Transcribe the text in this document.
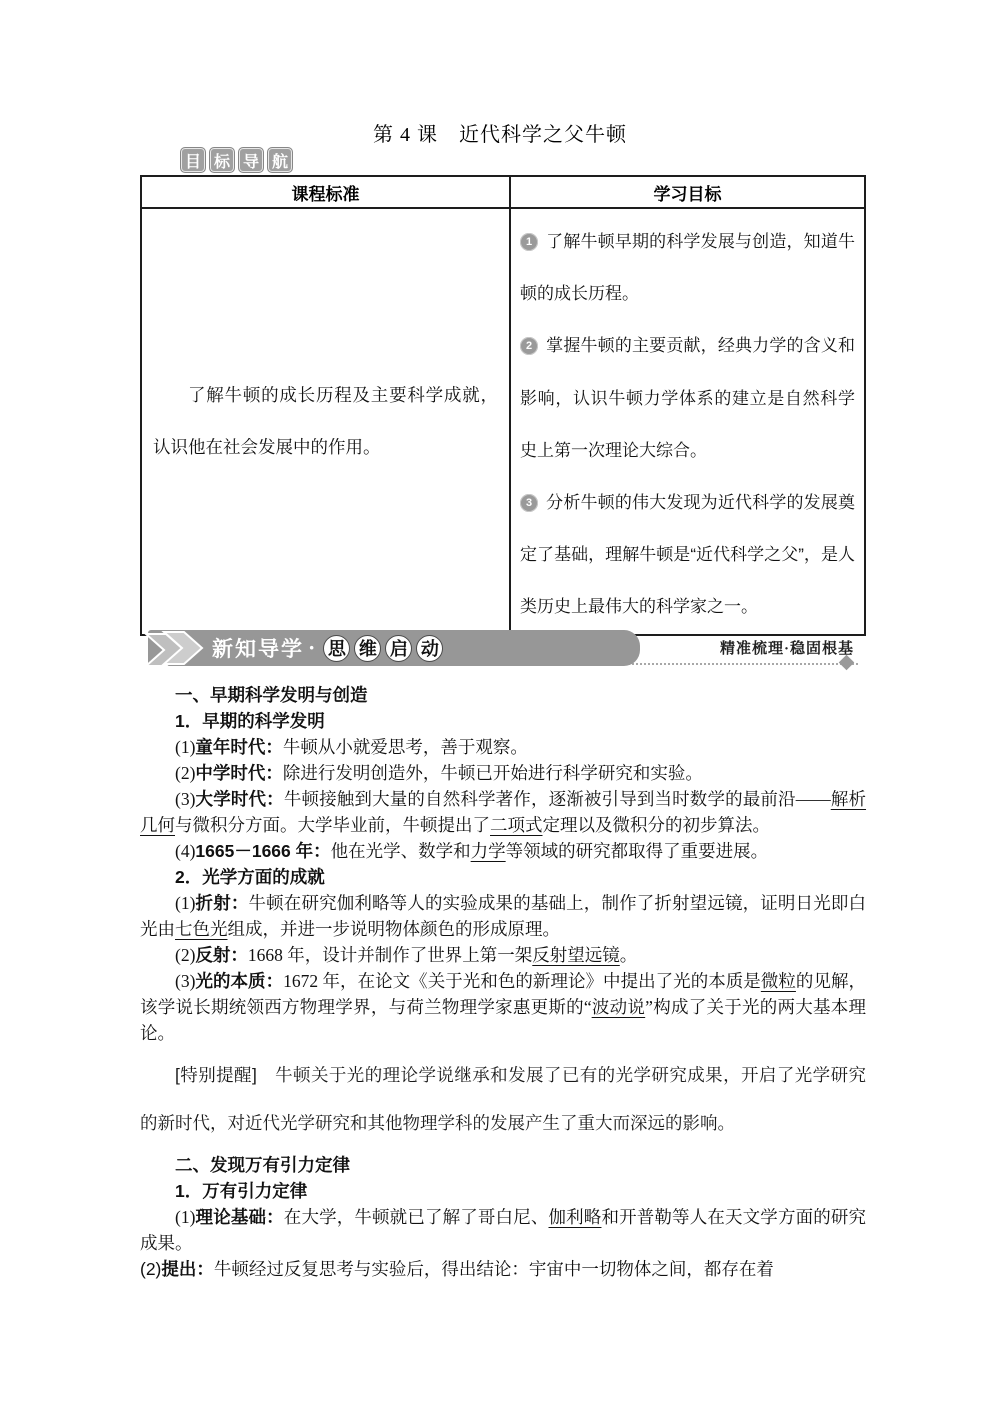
第 4 课　近代科学之父牛顿
目 标 导 航
课程标准	学习目标

了解牛顿的成长历程及主要科学成就，认识他在社会发展中的作用。	1 了解牛顿早期的科学发展与创造，知道牛顿的成长历程。
2 掌握牛顿的主要贡献，经典力学的含义和影响，认识牛顿力学体系的建立是自然科学史上第一次理论大综合。
3 分析牛顿的伟大发现为近代科学的发展奠定了基础，理解牛顿是“近代科学之父”，是人类历史上最伟大的科学家之一。
精准梳理·稳固根基
新知导学 · 思 维 启 动
一、早期科学发明与创造
1．早期的科学发明
(1)童年时代：牛顿从小就爱思考，善于观察。
(2)中学时代：除进行发明创造外，牛顿已开始进行科学研究和实验。
(3)大学时代：牛顿接触到大量的自然科学著作，逐渐被引导到当时数学的最前沿——解析几何与微积分方面。大学毕业前，牛顿提出了二项式定理以及微积分的初步算法。
(4)1665－1666 年：他在光学、数学和力学等领域的研究都取得了重要进展。
2．光学方面的成就
(1)折射：牛顿在研究伽利略等人的实验成果的基础上，制作了折射望远镜，证明日光即白光由七色光组成，并进一步说明物体颜色的形成原理。
(2)反射：1668 年，设计并制作了世界上第一架反射望远镜。
(3)光的本质：1672 年，在论文《关于光和色的新理论》中提出了光的本质是微粒的见解，该学说长期统领西方物理学界，与荷兰物理学家惠更斯的“波动说”构成了关于光的两大基本理论。
[特别提醒]　牛顿关于光的理论学说继承和发展了已有的光学研究成果，开启了光学研究的新时代，对近代光学研究和其他物理学科的发展产生了重大而深远的影响。
二、发现万有引力定律
1．万有引力定律
(1)理论基础：在大学，牛顿就已了解了哥白尼、伽利略和开普勒等人在天文学方面的研究成果。
(2)提出：牛顿经过反复思考与实验后，得出结论：宇宙中一切物体之间，都存在着
